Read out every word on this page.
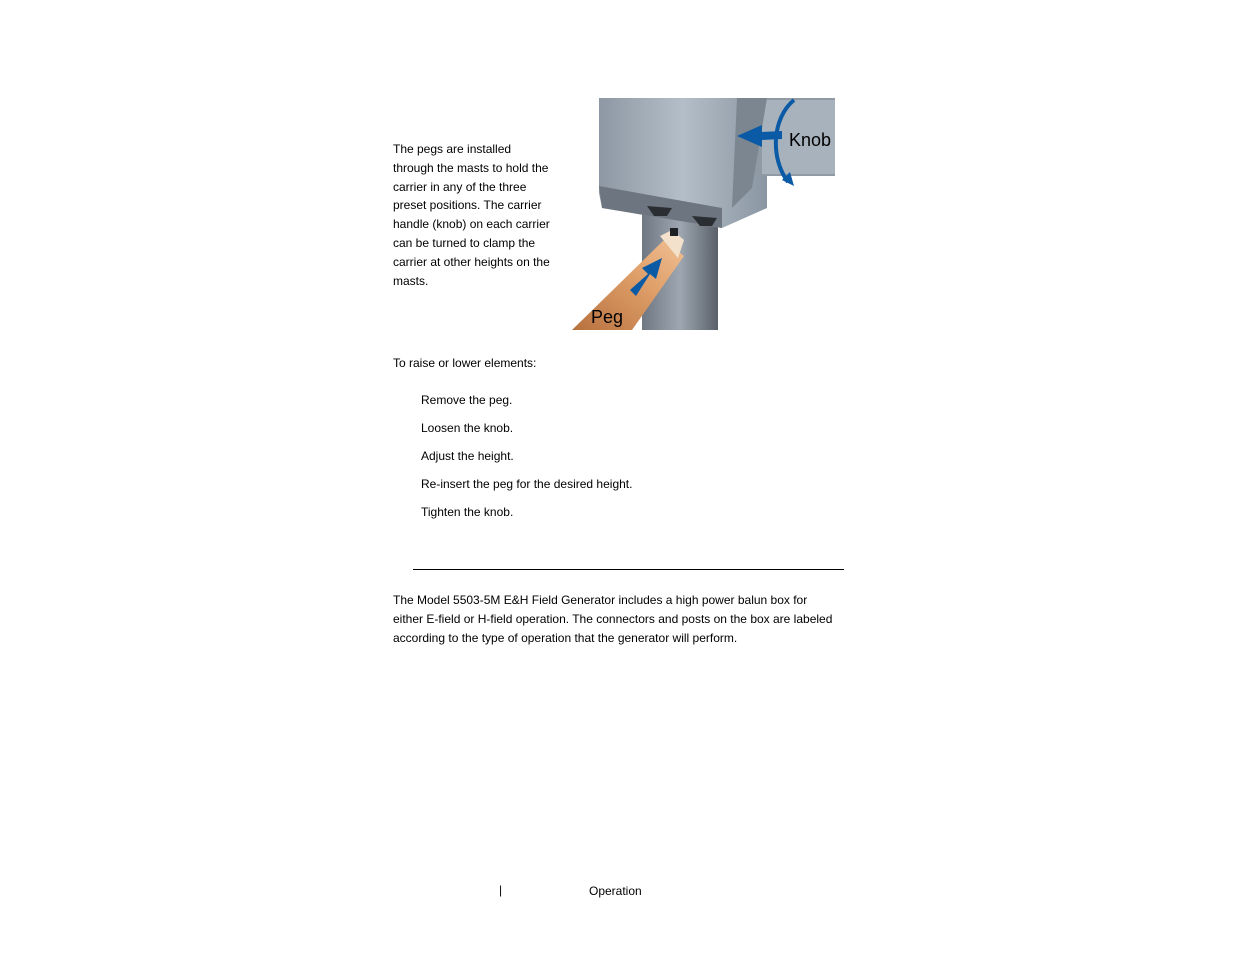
The pegs are installed through the masts to hold the carrier in any of the three preset positions. The carrier handle (knob) on each carrier can be turned to clamp the carrier at other heights on the masts.

Knob
Peg

To raise or lower elements:

Remove the peg.

Loosen the knob.

Adjust the height.

Re-insert the peg for the desired height.

Tighten the knob.

The Model 5503-5M E&H Field Generator includes a high power balun box for either E-field or H-field operation. The connectors and posts on the box are labeled according to the type of operation that the generator will perform.

|	Operation
